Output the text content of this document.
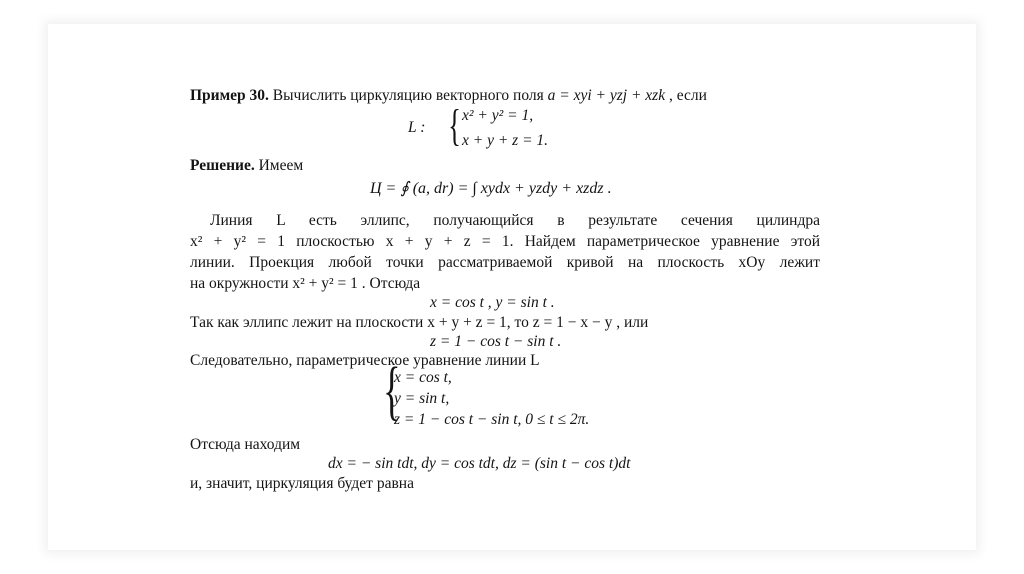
Пример 30. Вычислить циркуляцию векторного поля a = xyi + yzj + xzk , если
L : { x² + y² = 1,
x + y + z = 1.
Решение. Имеем
Ц = ∮ (a, dr) = ∫ xydx + yzdy + xzdz .
Линия L есть эллипс, получающийся в результате сечения цилиндра
x² + y² = 1 плоскостью x + y + z = 1. Найдем параметрическое уравнение этой
линии. Проекция любой точки рассматриваемой кривой на плоскость xOy лежит
на окружности x² + y² = 1 . Отсюда
x = cos t , y = sin t .
Так как эллипс лежит на плоскости x + y + z = 1, то z = 1 − x − y , или
z = 1 − cos t − sin t .
Следовательно, параметрическое уравнение линии L
{
x = cos t,
y = sin t,
z = 1 − cos t − sin t, 0 ≤ t ≤ 2π.
Отсюда находим
dx = − sin tdt, dy = cos tdt, dz = (sin t − cos t)dt
и, значит, циркуляция будет равна
